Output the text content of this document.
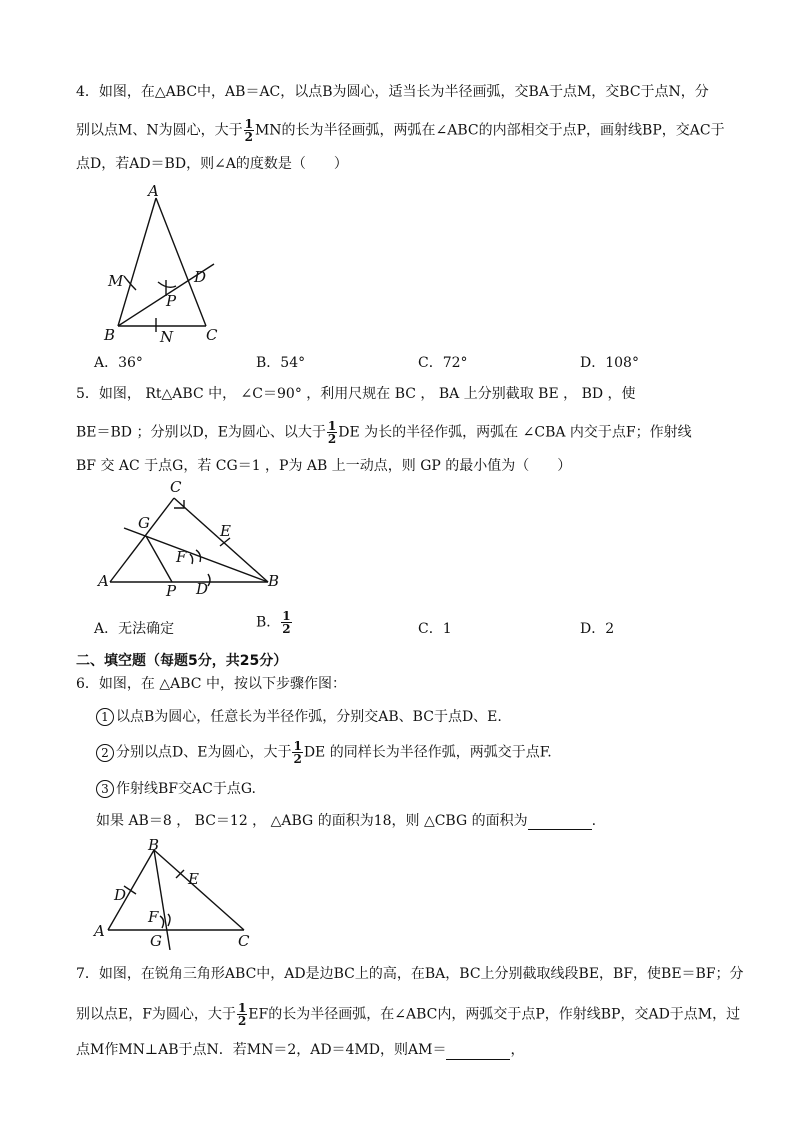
4．如图，在△ABC中，AB＝AC，以点B为圆心，适当长为半径画弧，交BA于点M，交BC于点N，分
别以点M、N为圆心，大于 $\frac{1}{2}$ MN的长为半径画弧，两弧在∠ABC的内部相交于点P，画射线BP，交AC于
点D，若AD＝BD，则∠A的度数是（　　）
A
M	D
P
B	N C
A．36°	B．54°	C．72°	D．108°
5．如图， Rt△ABC 中， ∠C＝90° ，利用尺规在 BC ， BA 上分别截取 BE ， BD ，使
BE＝BD ；分别以D，E为圆心、以大于 $\frac{1}{2}$ DE 为长的半径作弧，两弧在 ∠CBA 内交于点F；作射线
BF 交 AC 于点G，若 CG＝1 ，P为 AB 上一动点，则 GP 的最小值为（　　）
C
G	E
F
A
P D	B
A．无法确定	B． $\frac{1}{2}$	C．1	D．2
二、填空题（每题5分，共25分）
6．如图，在 △ABC 中，按以下步骤作图：
1 以点B为圆心，任意长为半径作弧，分别交AB、BC于点D、E.
2 分别以点D、E为圆心，大于 $\frac{1}{2}$ DE 的同样长为半径作弧，两弧交于点F.
3 作射线BF交AC于点G.
如果 AB＝8 ， BC＝12 ， △ABG 的面积为18，则 △CBG 的面积为	.
B
D
E
F
A
G	C
7．如图，在锐角三角形ABC中，AD是边BC上的高，在BA，BC上分别截取线段BE，BF，使BE＝BF；分
别以点E，F为圆心，大于 $\frac{1}{2}$ EF的长为半径画弧，在∠ABC内，两弧交于点P，作射线BP，交AD于点M，过
点M作MN⊥AB于点N．若MN＝2，AD＝4MD，则AM＝	，
